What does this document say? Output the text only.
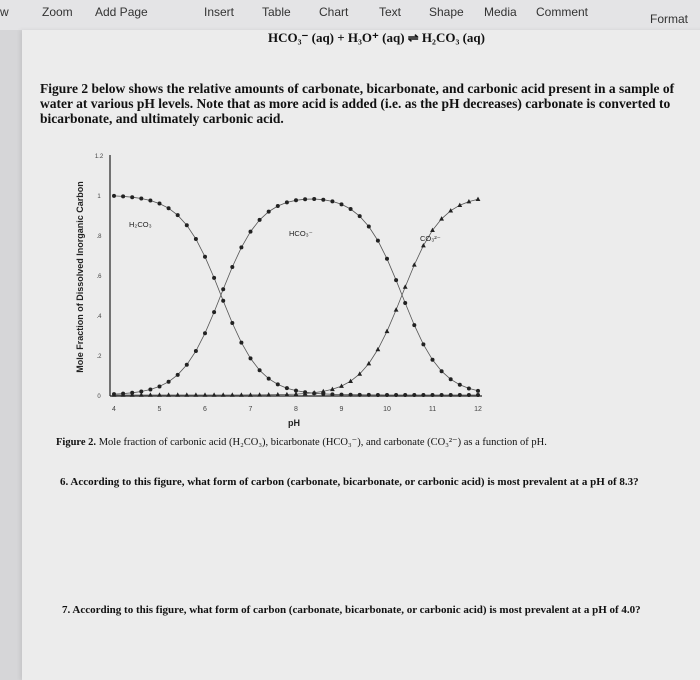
w	Zoom Add Page	Insert Table Chart	Text Shape Media Comment	Format
HCO₃⁻ (aq) + H₃O⁺ (aq) ⇌ H₂CO₃ (aq)
Figure 2 below shows the relative amounts of carbonate, bicarbonate, and carbonic acid present in a sample of water at various pH levels. Note that as more acid is added (i.e. as the pH decreases) carbonate is converted to bicarbonate, and ultimately carbonic acid.
4	5	6	7	8	9	10	11	12
0
.2
.4
.6
.8
1
1.2
pH
Mole Fraction of Dissolved Inorganic Carbon	H₂CO₃
HCO₃⁻
CO₃²⁻
Figure 2. Mole fraction of carbonic acid (H₂CO₃), bicarbonate (HCO₃⁻), and carbonate (CO₃²⁻) as a function of pH.
6. According to this figure, what form of carbon (carbonate, bicarbonate, or carbonic acid) is most prevalent at a pH of 8.3?
7. According to this figure, what form of carbon (carbonate, bicarbonate, or carbonic acid) is most prevalent at a pH of 4.0?
